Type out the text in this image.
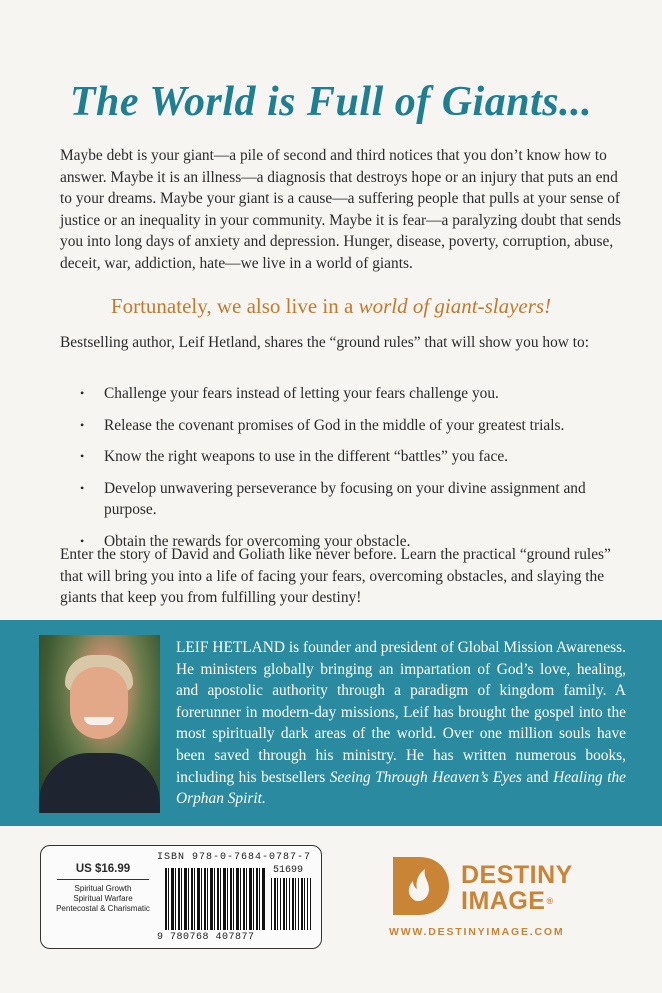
The World is Full of Giants...

Maybe debt is your giant—a pile of second and third notices that you don’t know how to answer. Maybe it is an illness—a diagnosis that destroys hope or an injury that puts an end to your dreams. Maybe your giant is a cause—a suffering people that pulls at your sense of justice or an inequality in your community. Maybe it is fear—a paralyzing doubt that sends you into long days of anxiety and depression. Hunger, disease, poverty, corruption, abuse, deceit, war, addiction, hate—we live in a world of giants.

Fortunately, we also live in a world of giant-slayers!

Bestselling author, Leif Hetland, shares the “ground rules” that will show you how to:

• Challenge your fears instead of letting your fears challenge you.
• Release the covenant promises of God in the middle of your greatest trials.
• Know the right weapons to use in the different “battles” you face.
• Develop unwavering perseverance by focusing on your divine assignment and purpose.
• Obtain the rewards for overcoming your obstacle.

Enter the story of David and Goliath like never before. Learn the practical “ground rules” that will bring you into a life of facing your fears, overcoming obstacles, and slaying the giants that keep you from fulfilling your destiny!

LEIF HETLAND is founder and president of Global Mission Awareness. He ministers globally bringing an impartation of God’s love, healing, and apostolic authority through a paradigm of kingdom family. A forerunner in modern-day missions, Leif has brought the gospel into the most spiritually dark areas of the world. Over one million souls have been saved through his ministry. He has written numerous books, including his bestsellers Seeing Through Heaven’s Eyes and Healing the Orphan Spirit.

US $16.99
Spiritual Growth
Spiritual Warfare
Pentecostal & Charismatic
ISBN 978-0-7684-0787-7
51699
9 780768 407877
DESTINY
IMAGE®
WWW.DESTINYIMAGE.COM
